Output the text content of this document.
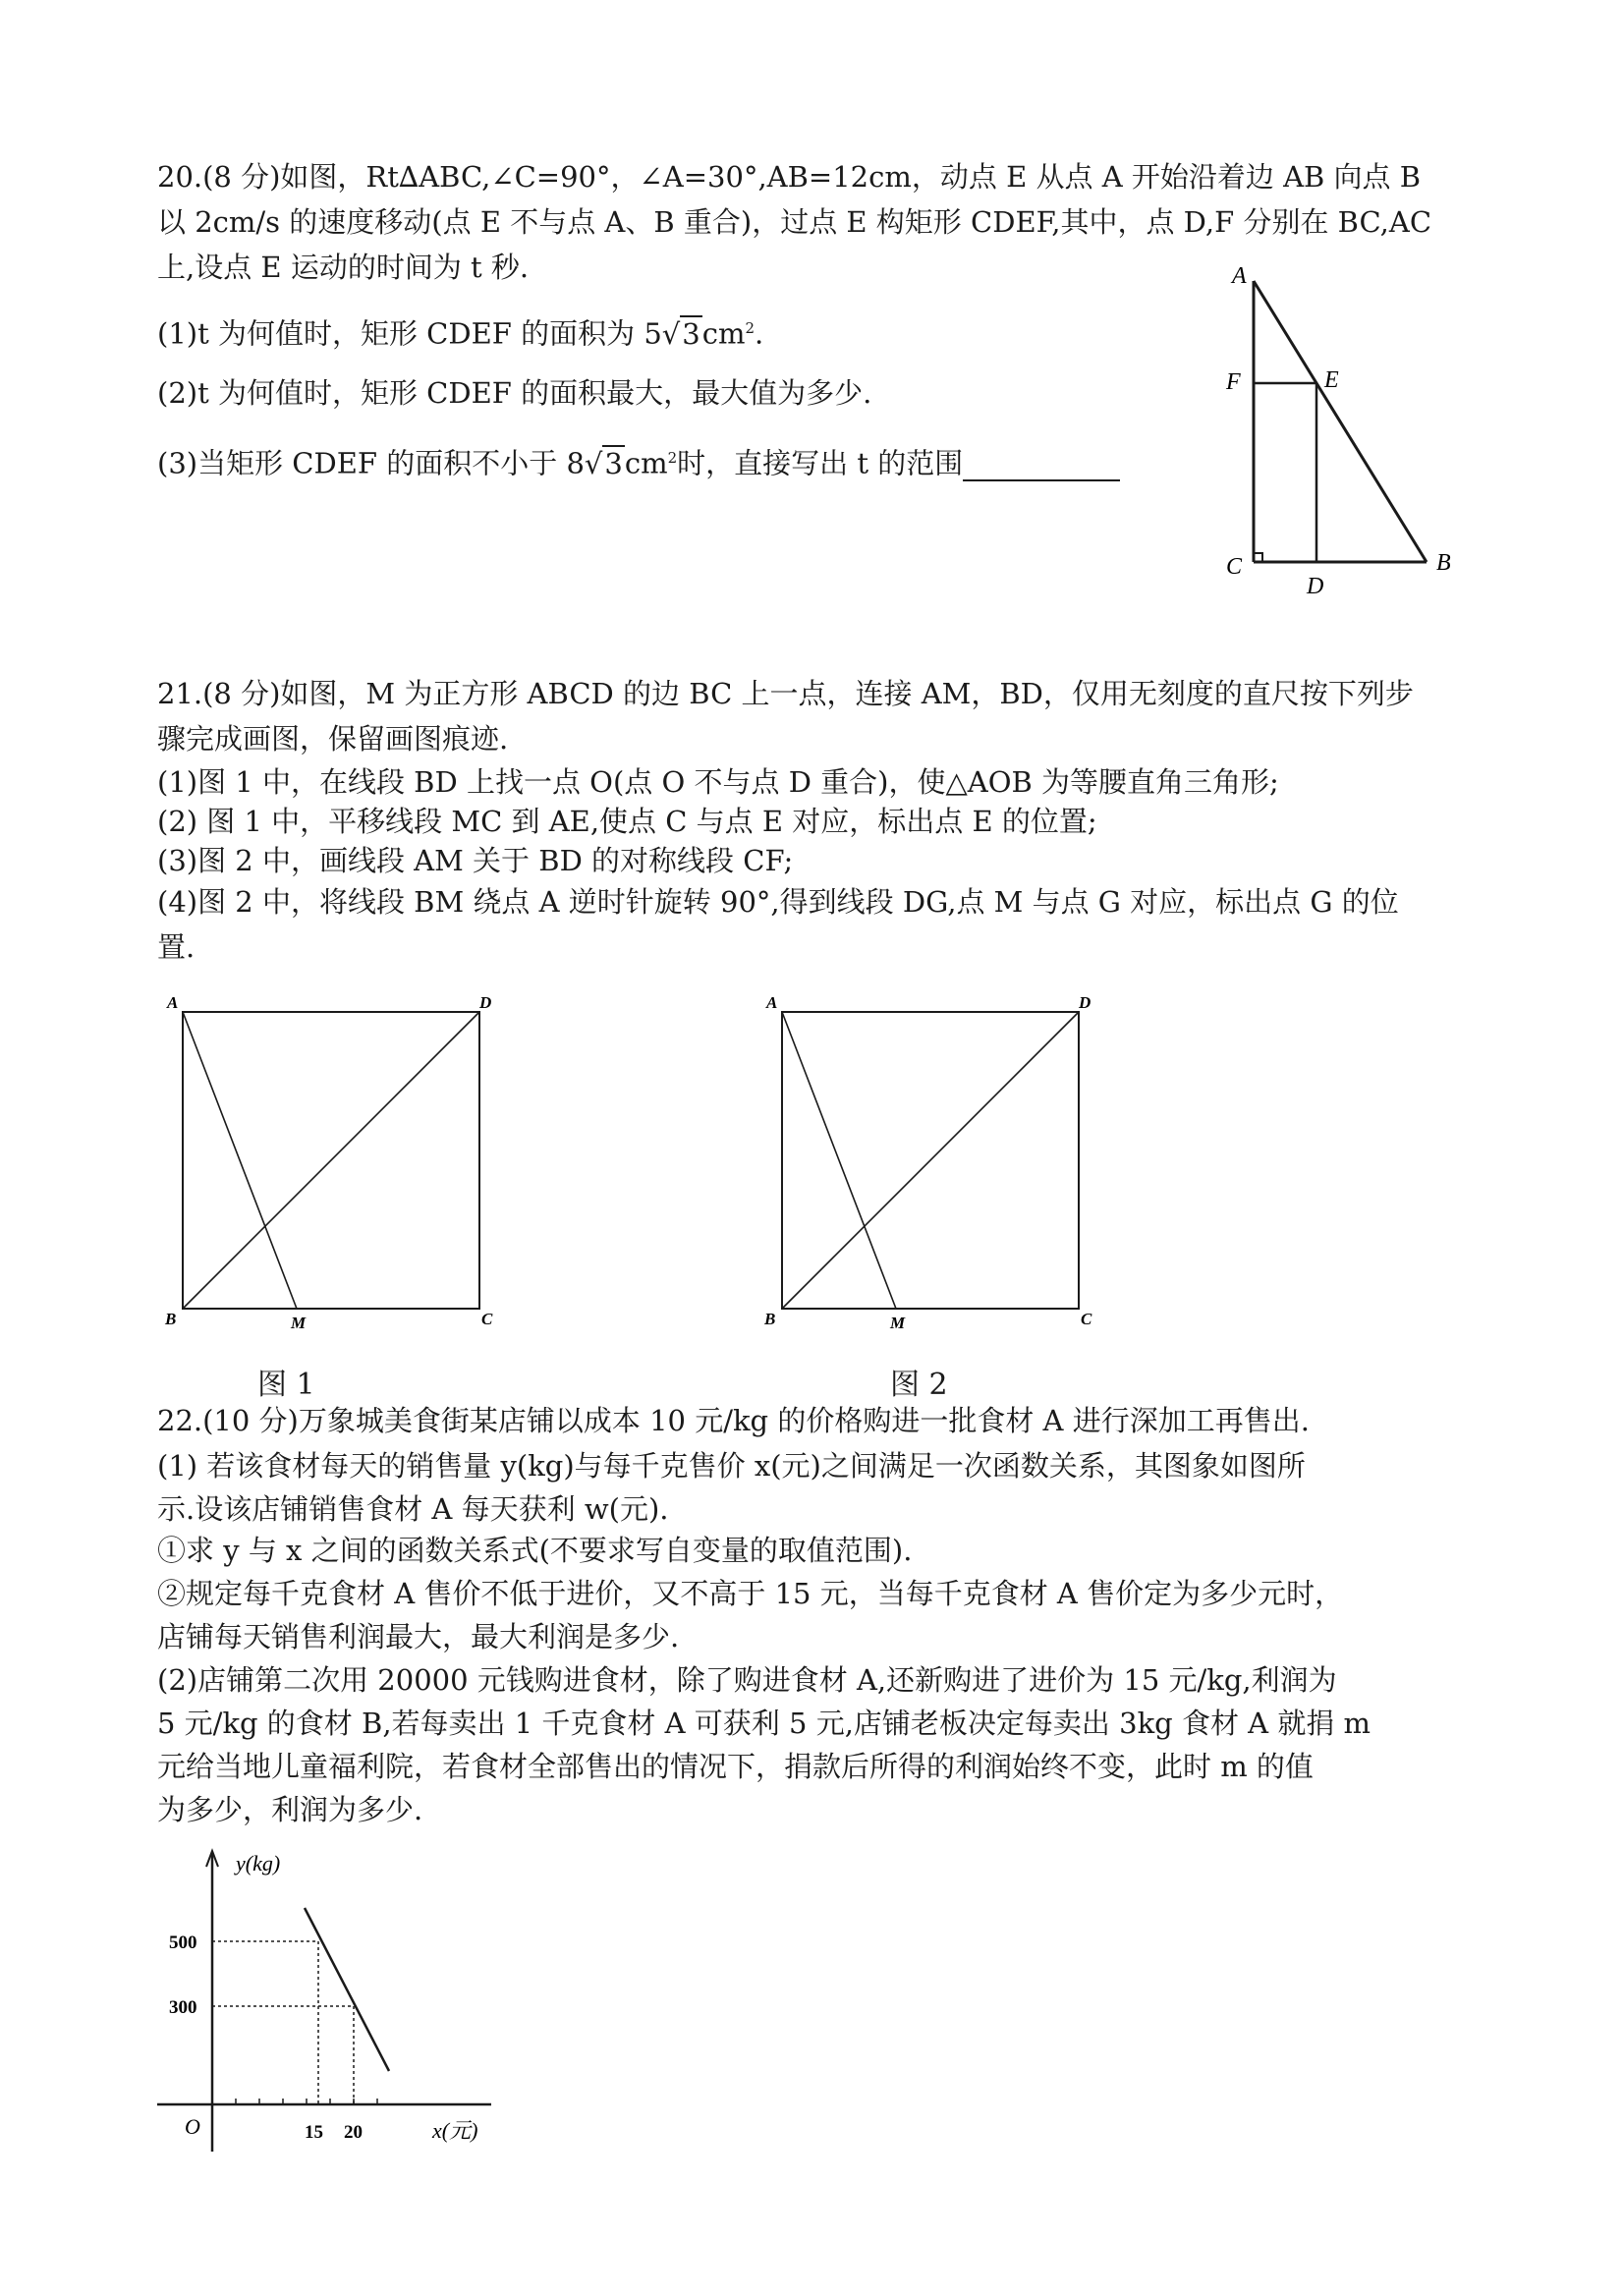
20.(8 分)如图，Rt∆ABC,∠C=90°，∠A=30°,AB=12cm，动点 E 从点 A 开始沿着边 AB 向点 B
以 2cm/s 的速度移动(点 E 不与点 A、B 重合)，过点 E 构矩形 CDEF,其中，点 D,F 分别在 BC,AC
上,设点 E 运动的时间为 t 秒.
(1)t 为何值时，矩形 CDEF 的面积为 $5√3cm^2$.
(2)t 为何值时，矩形 CDEF 的面积最大，最大值为多少.
(3)当矩形 CDEF 的面积不小于 $8√3cm^2$时，直接写出 t 的范围
A
F	E
C
D
B
21.(8 分)如图，M 为正方形 ABCD 的边 BC 上一点，连接 AM，BD，仅用无刻度的直尺按下列步
骤完成画图，保留画图痕迹.
(1)图 1 中，在线段 BD 上找一点 O(点 O 不与点 D 重合)，使△AOB 为等腰直角三角形;
(2) 图 1 中，平移线段 MC 到 AE,使点 C 与点 E 对应，标出点 E 的位置;
(3)图 2 中，画线段 AM 关于 BD 的对称线段 CF;
(4)图 2 中，将线段 BM 绕点 A 逆时针旋转 90°,得到线段 DG,点 M 与点 G 对应，标出点 G 的位
置.
A	D
B	M	C
图 1
A	D
B	M	C
图 2
22.(10 分)万象城美食街某店铺以成本 10 元/kg 的价格购进一批食材 A 进行深加工再售出.
(1) 若该食材每天的销售量 y(kg)与每千克售价 x(元)之间满足一次函数关系，其图象如图所
示.设该店铺销售食材 A 每天获利 w(元).
①求 y 与 x 之间的函数关系式(不要求写自变量的取值范围).
②规定每千克食材 A 售价不低于进价，又不高于 15 元，当每千克食材 A 售价定为多少元时，
店铺每天销售利润最大，最大利润是多少.
(2)店铺第二次用 20000 元钱购进食材，除了购进食材 A,还新购进了进价为 15 元/kg,利润为
5 元/kg 的食材 B,若每卖出 1 千克食材 A 可获利 5 元,店铺老板决定每卖出 3kg 食材 A 就捐 m
元给当地儿童福利院，若食材全部售出的情况下，捐款后所得的利润始终不变，此时 m 的值
为多少，利润为多少.
y(kg)
x(元)
O
500
300
15 20
